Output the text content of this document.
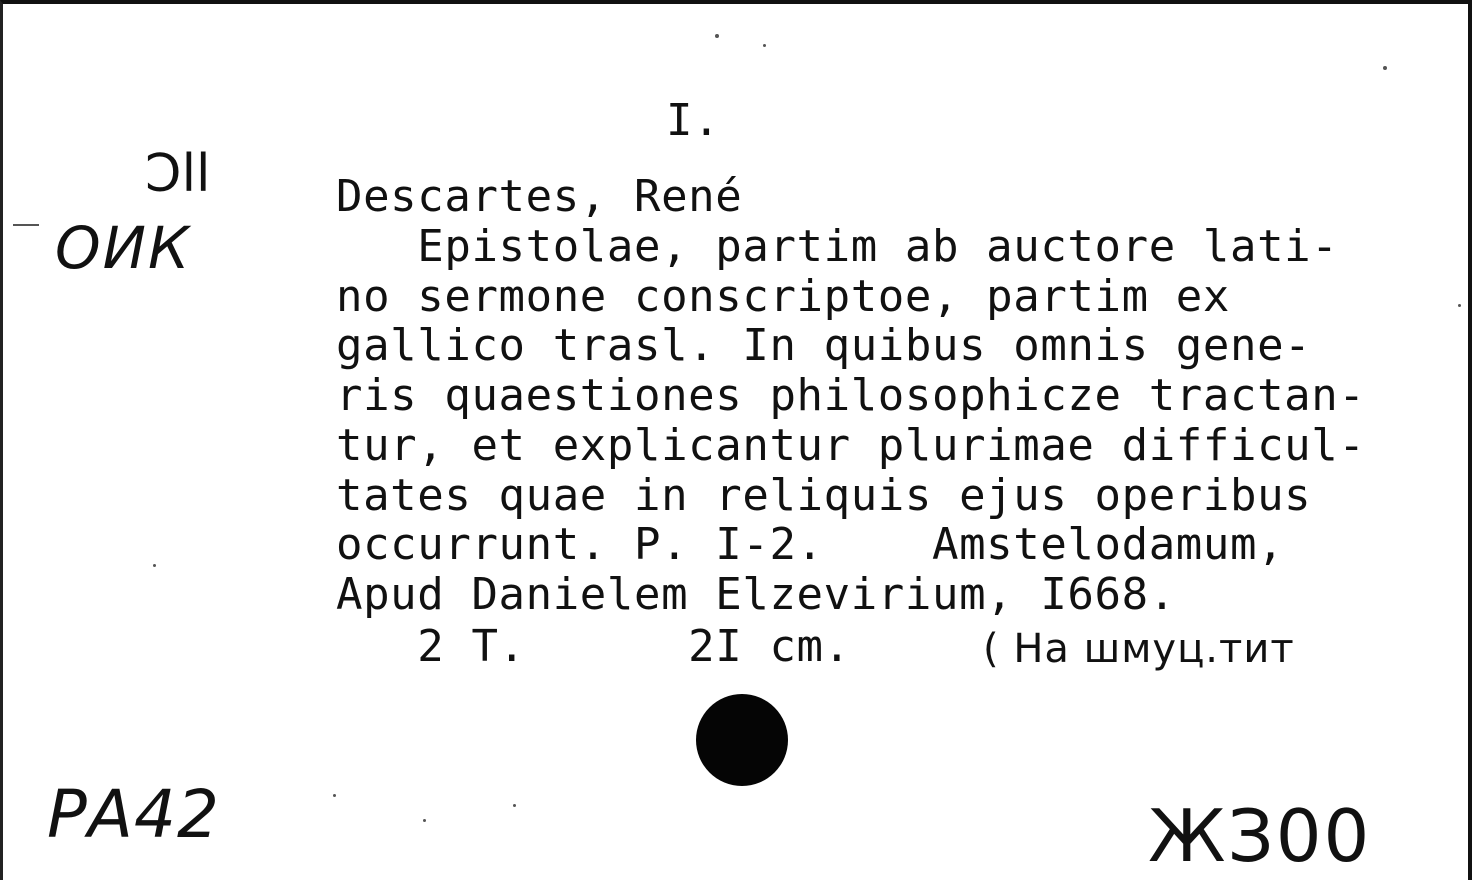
I.
Descartes, René
Epistolae, partim ab auctore lati-
no sermone conscriptoe, partim ex
gallico trasl. In quibus omnis gene-
ris quaestiones philosophicze tractan-
tur, et explicantur plurimae difficul-
tates quae in reliquis ejus operibus
occurrunt. P. I-2.    Amstelodamum,
Apud Danielem Elzevirium, I668.
2 T.      2I cm.	( На шмуц.тит
Ɔll
ОИК
РА42	ЖЗ00
